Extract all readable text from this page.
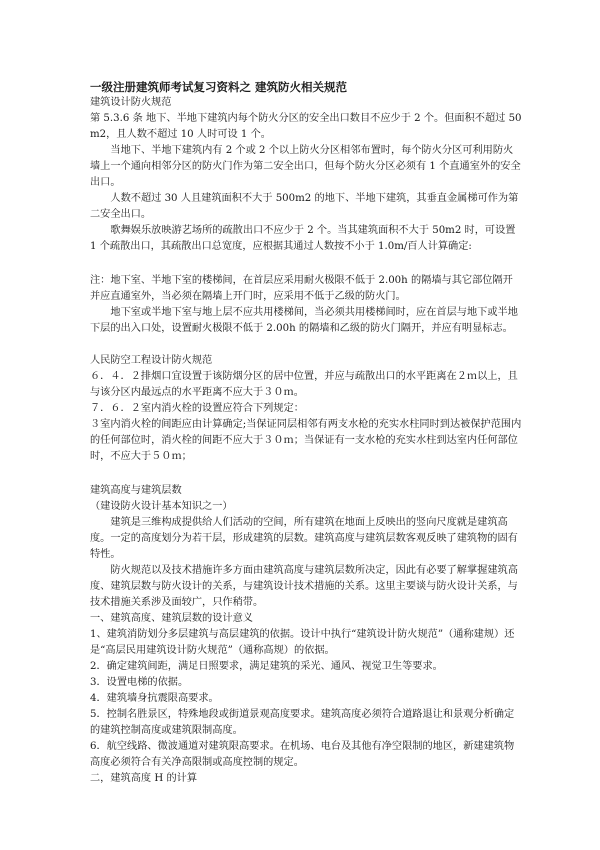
一级注册建筑师考试复习资料之 建筑防火相关规范

建筑设计防火规范

第 5.3.6 条 地下、半地下建筑内每个防火分区的安全出口数目不应少于 2 个。但面积不超过 50m2，且人数不超过 10 人时可设 1 个。

当地下、半地下建筑内有 2 个或 2 个以上防火分区相邻布置时，每个防火分区可利用防火墙上一个通向相邻分区的防火门作为第二安全出口，但每个防火分区必须有 1 个直通室外的安全出口。

人数不超过 30 人且建筑面积不大于 500m2 的地下、半地下建筑，其垂直金属梯可作为第二安全出口。

歌舞娱乐放映游艺场所的疏散出口不应少于 2 个。当其建筑面积不大于 50m2 时，可设置 1 个疏散出口，其疏散出口总宽度，应根据其通过人数按不小于 1.0m/百人计算确定:

注：地下室、半地下室的楼梯间，在首层应采用耐火极限不低于 2.00h 的隔墙与其它部位隔开并应直通室外，当必须在隔墙上开门时，应采用不低于乙级的防火门。

地下室或半地下室与地上层不应共用楼梯间，当必须共用楼梯间时，应在首层与地下或半地下层的出入口处，设置耐火极限不低于 2.00h 的隔墙和乙级的防火门隔开，并应有明显标志。

人民防空工程设计防火规范

６．４．２排烟口宜设置于该防烟分区的居中位置，并应与疏散出口的水平距离在２ｍ以上，且与该分区内最远点的水平距离不应大于３０ｍ。

７．６．２室内消火栓的设置应符合下列规定：

３室内消火栓的间距应由计算确定;当保证同层相邻有两支水枪的充实水柱同时到达被保护范围内的任何部位时，消火栓的间距不应大于３０ｍ；当保证有一支水枪的充实水柱到达室内任何部位时，不应大于５０ｍ；

建筑高度与建筑层数

（建设防火设计基本知识之一）

建筑是三维构成提供给人们活动的空间，所有建筑在地面上反映出的竖向尺度就是建筑高度。一定的高度划分为若干层，形成建筑的层数。建筑高度与建筑层数客观反映了建筑物的固有特性。

防火规范以及技术措施许多方面由建筑高度与建筑层数所决定，因此有必要了解掌握建筑高度、建筑层数与防火设计的关系，与建筑设计技术措施的关系。这里主要谈与防火设计关系，与技术措施关系涉及面较广，只作稍带。

一、建筑高度、建筑层数的设计意义

1、建筑消防划分多层建筑与高层建筑的依据。设计中执行“建筑设计防火规范”（通称建规）还是“高层民用建筑设计防火规范”（通称高规）的依据。

2．确定建筑间距，满足日照要求，满足建筑的采光、通风、视觉卫生等要求。

3．设置电梯的依据。

4．建筑墙身抗震限高要求。

5．控制名胜景区，特殊地段或街道景观高度要求。建筑高度必须符合道路退让和景观分析确定的建筑控制高度或建筑限制高度。

6．航空线路、微波通道对建筑限高要求。在机场、电台及其他有净空限制的地区，新建建筑物高度必须符合有关净高限制或高度控制的规定。

二，建筑高度 H 的计算
